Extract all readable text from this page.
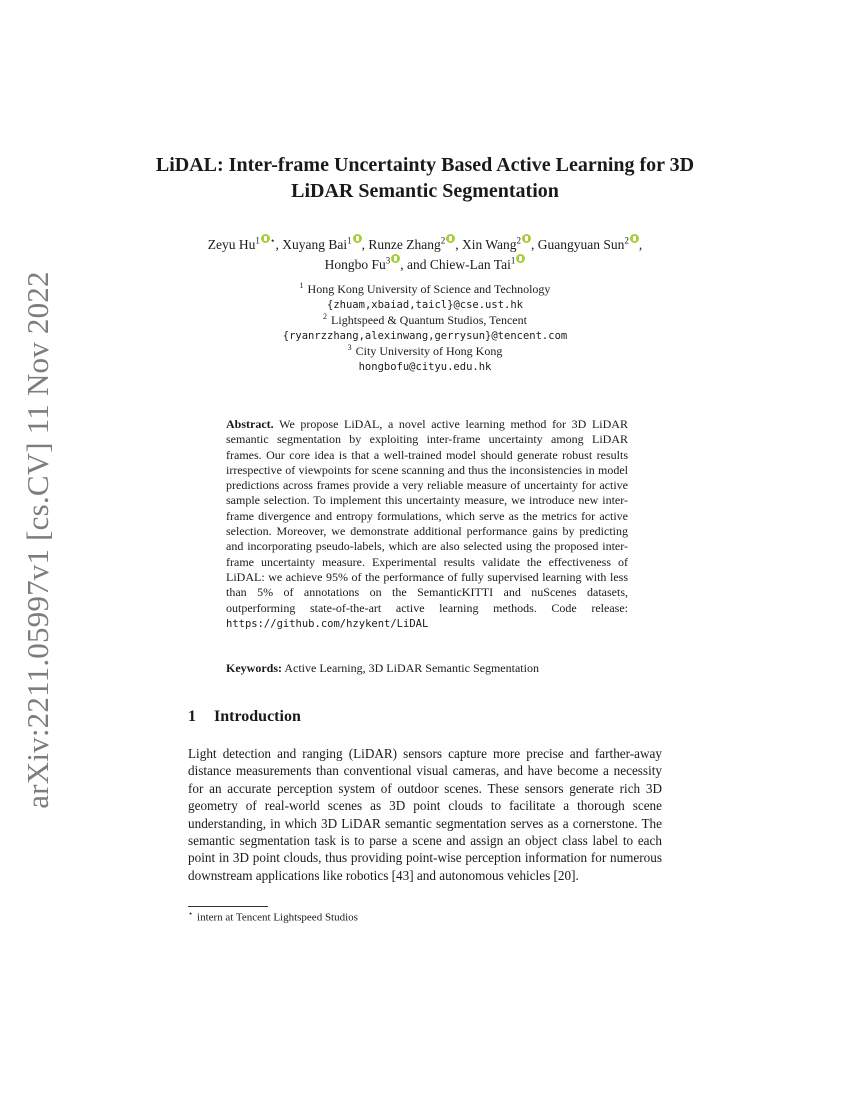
arXiv:2211.05997v1 [cs.CV] 11 Nov 2022
LiDAL: Inter-frame Uncertainty Based Active Learning for 3D LiDAR Semantic Segmentation
Zeyu Hu$^1$ ⋆, Xuyang Bai$^1$ , Runze Zhang$^2$ , Xin Wang$^2$ , Guangyuan Sun$^2$ , Hongbo Fu$^3$ , and Chiew-Lan Tai$^1$
$^1$ Hong Kong University of Science and Technology
{zhuam,xbaiad,taicl}@cse.ust.hk
$^2$ Lightspeed & Quantum Studios, Tencent
{ryanrzzhang,alexinwang,gerrysun}@tencent.com
$^3$ City University of Hong Kong
hongbofu@cityu.edu.hk
Abstract. We propose LiDAL, a novel active learning method for 3D LiDAR semantic segmentation by exploiting inter-frame uncertainty among LiDAR frames. Our core idea is that a well-trained model should generate robust results irrespective of viewpoints for scene scanning and thus the inconsistencies in model predictions across frames provide a very reliable measure of uncertainty for active sample selection. To implement this uncertainty measure, we introduce new inter-frame divergence and entropy formulations, which serve as the metrics for active selection. Moreover, we demonstrate additional performance gains by predicting and incorporating pseudo-labels, which are also selected using the proposed inter-frame uncertainty measure. Experimental results validate the effectiveness of LiDAL: we achieve 95% of the performance of fully supervised learning with less than 5% of annotations on the SemanticKITTI and nuScenes datasets, outperforming state-of-the-art active learning methods. Code release: https://github.com/hzykent/LiDAL
Keywords: Active Learning, 3D LiDAR Semantic Segmentation
1 Introduction

Light detection and ranging (LiDAR) sensors capture more precise and farther-away distance measurements than conventional visual cameras, and have become a necessity for an accurate perception system of outdoor scenes. These sensors generate rich 3D geometry of real-world scenes as 3D point clouds to facilitate a thorough scene understanding, in which 3D LiDAR semantic segmentation serves as a cornerstone. The semantic segmentation task is to parse a scene and assign an object class label to each point in 3D point clouds, thus providing point-wise perception information for numerous downstream applications like robotics [43] and autonomous vehicles [20].

⋆ intern at Tencent Lightspeed Studios
